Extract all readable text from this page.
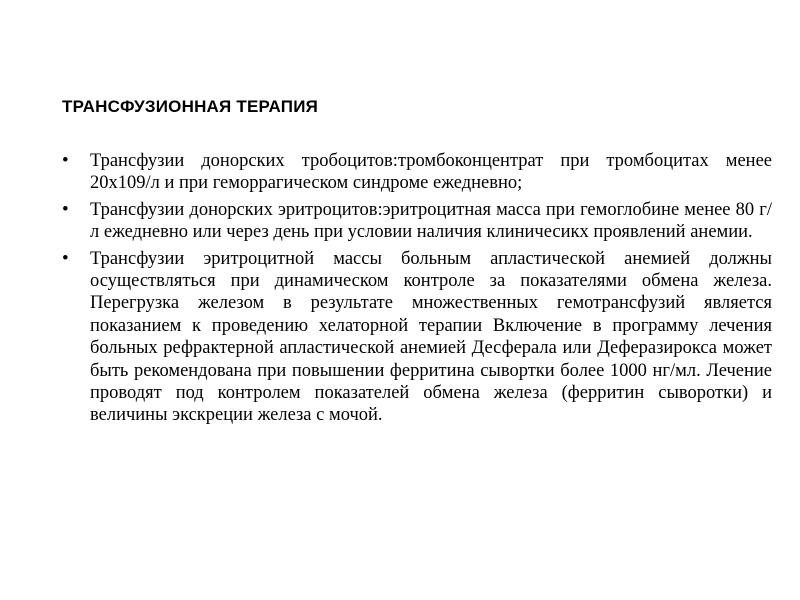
ТРАНСФУЗИОННАЯ ТЕРАПИЯ
• Трансфузии донорских тробоцитов:тромбоконцентрат при тромбоцитах менее 20х109/л и при геморрагическом синдроме ежедневно;
• Трансфузии донорских эритроцитов:эритроцитная масса при гемоглобине менее 80 г/л ежедневно или через день при условии наличия клиничесикх проявлений анемии.
• Трансфузии эритроцитной массы больным апластической анемией должны осуществляться при динамическом контроле за показателями обмена железа. Перегрузка железом в результате множественных гемотрансфузий является показанием к проведению хелаторной терапии Включение в программу лечения больных рефрактерной апластической анемией Десферала или Деферазирокса может быть рекомендована при повышении ферритина сывортки более 1000 нг/мл. Лечение проводят под контролем показателей обмена железа (ферритин сыворотки) и величины экскреции железа с мочой.
